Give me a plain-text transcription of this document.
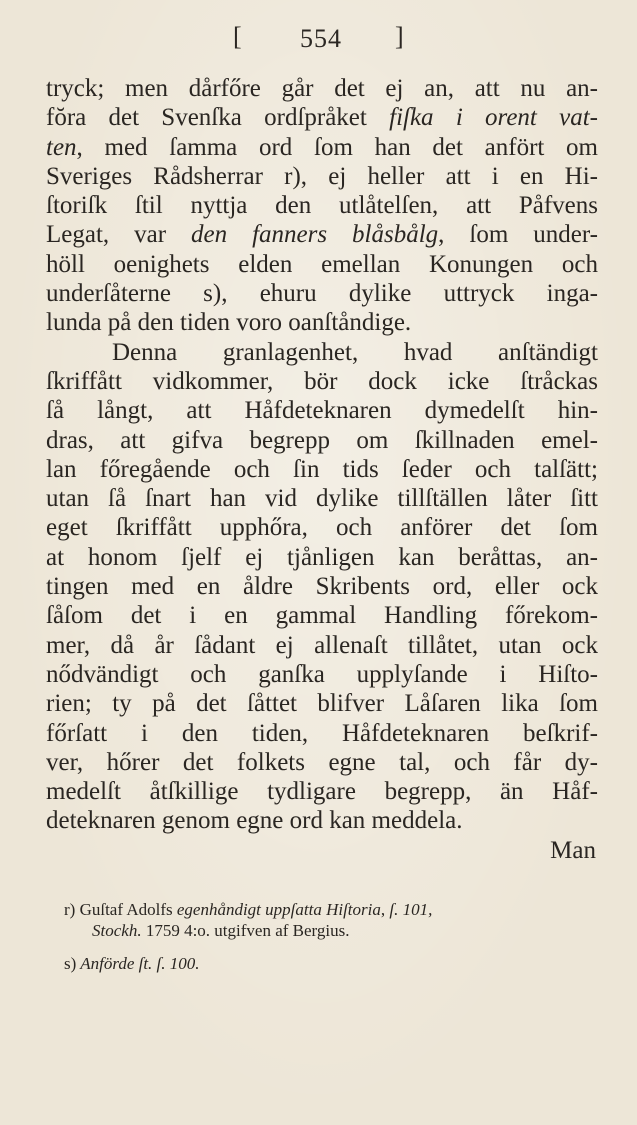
[ 554 ]
tryck; men dårfőre går det ej an, att nu an-
fŏra det Svenſka ordſpråket fiſka i orent vat-
ten, med ſamma ord ſom han det anfört om
Sveriges Rådsherrar r), ej heller att i en Hi-
ſtoriſk ſtil nyttja den utlåtelſen, att Påfvens
Legat, var den fanners blåsbålg, ſom under-
höll oenighets elden emellan Konungen och
underſåterne s), ehuru dylike uttryck inga-
lunda på den tiden voro oanſtåndige.
Denna granlagenhet, hvad anſtändigt
ſkriffått vidkommer, bör dock icke ſtråckas
ſå långt, att Håfdeteknaren dymedelſt hin-
dras, att gifva begrepp om ſkillnaden emel-
lan főregående och ſin tids ſeder och talſätt;
utan ſå ſnart han vid dylike tillſtällen låter ſitt
eget ſkriffått upphőra, och anförer det ſom
at honom ſjelf ej tjånligen kan beråttas, an-
tingen med en åldre Skribents ord, eller ock
ſåſom det i en gammal Handling főrekom-
mer, då år ſådant ej allenaſt tillåtet, utan ock
nődvändigt och ganſka upplyſande i Hiſto-
rien; ty på det ſåttet blifver Låſaren lika ſom
főrſatt i den tiden, Håfdeteknaren beſkrif-
ver, hőrer det folkets egne tal, och får dy-
medelſt åtſkillige tydligare begrepp, än Håf-
deteknaren genom egne ord kan meddela.
Man
r) Guſtaf Adolfs egenhåndigt uppſatta Hiſtoria, ſ. 101,
Stockh. 1759 4:o. utgifven af Bergius.
s) Anförde ſt. ſ. 100.
